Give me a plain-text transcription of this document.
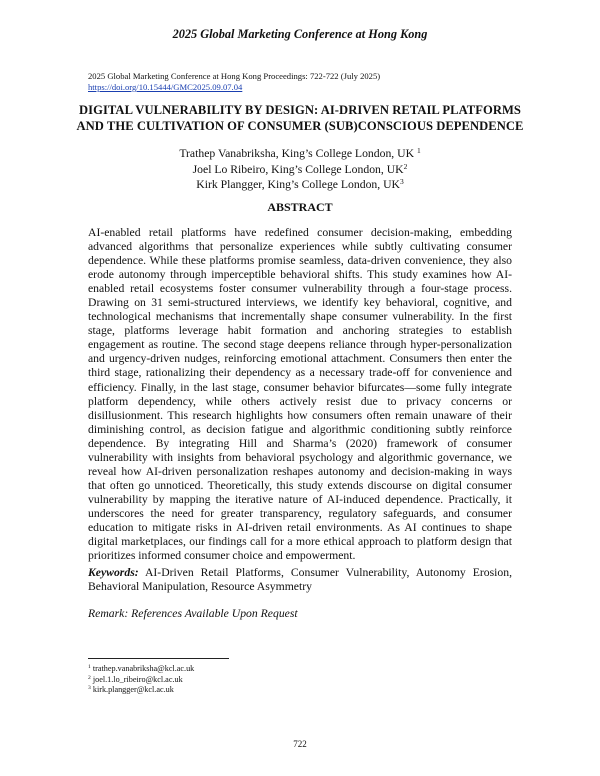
2025 Global Marketing Conference at Hong Kong
2025 Global Marketing Conference at Hong Kong Proceedings: 722-722 (July 2025)
https://doi.org/10.15444/GMC2025.09.07.04
DIGITAL VULNERABILITY BY DESIGN: AI-DRIVEN RETAIL PLATFORMS
AND THE CULTIVATION OF CONSUMER (SUB)CONSCIOUS DEPENDENCE
Trathep Vanabriksha, King’s College London, UK $^1$
Joel Lo Ribeiro, King’s College London, $UK^2$
Kirk Plangger, King’s College London, $UK^3$
ABSTRACT

AI-enabled retail platforms have redefined consumer decision-making, embedding advanced algorithms that personalize experiences while subtly cultivating consumer dependence. While these platforms promise seamless, data-driven convenience, they also erode autonomy through imperceptible behavioral shifts. This study examines how AI-enabled retail ecosystems foster consumer vulnerability through a four-stage process. Drawing on 31 semi-structured interviews, we identify key behavioral, cognitive, and technological mechanisms that incrementally shape consumer vulnerability. In the first stage, platforms leverage habit formation and anchoring strategies to establish engagement as routine. The second stage deepens reliance through hyper-personalization and urgency-driven nudges, reinforcing emotional attachment. Consumers then enter the third stage, rationalizing their dependency as a necessary trade-off for convenience and efficiency. Finally, in the last stage, consumer behavior bifurcates—some fully integrate platform dependency, while others actively resist due to privacy concerns or disillusionment. This research highlights how consumers often remain unaware of their diminishing control, as decision fatigue and algorithmic conditioning subtly reinforce dependence. By integrating Hill and Sharma’s (2020) framework of consumer vulnerability with insights from behavioral psychology and algorithmic governance, we reveal how AI-driven personalization reshapes autonomy and decision-making in ways that often go unnoticed. Theoretically, this study extends discourse on digital consumer vulnerability by mapping the iterative nature of AI-induced dependence. Practically, it underscores the need for greater transparency, regulatory safeguards, and consumer education to mitigate risks in AI-driven retail environments. As AI continues to shape digital marketplaces, our findings call for a more ethical approach to platform design that prioritizes informed consumer choice and empowerment.

Keywords: AI-Driven Retail Platforms, Consumer Vulnerability, Autonomy Erosion, Behavioral Manipulation, Resource Asymmetry

Remark: References Available Upon Request
$^1$ trathep.vanabriksha@kcl.ac.uk
$^2$ joel.1.lo_ribeiro@kcl.ac.uk
$^3$ kirk.plangger@kcl.ac.uk
722
